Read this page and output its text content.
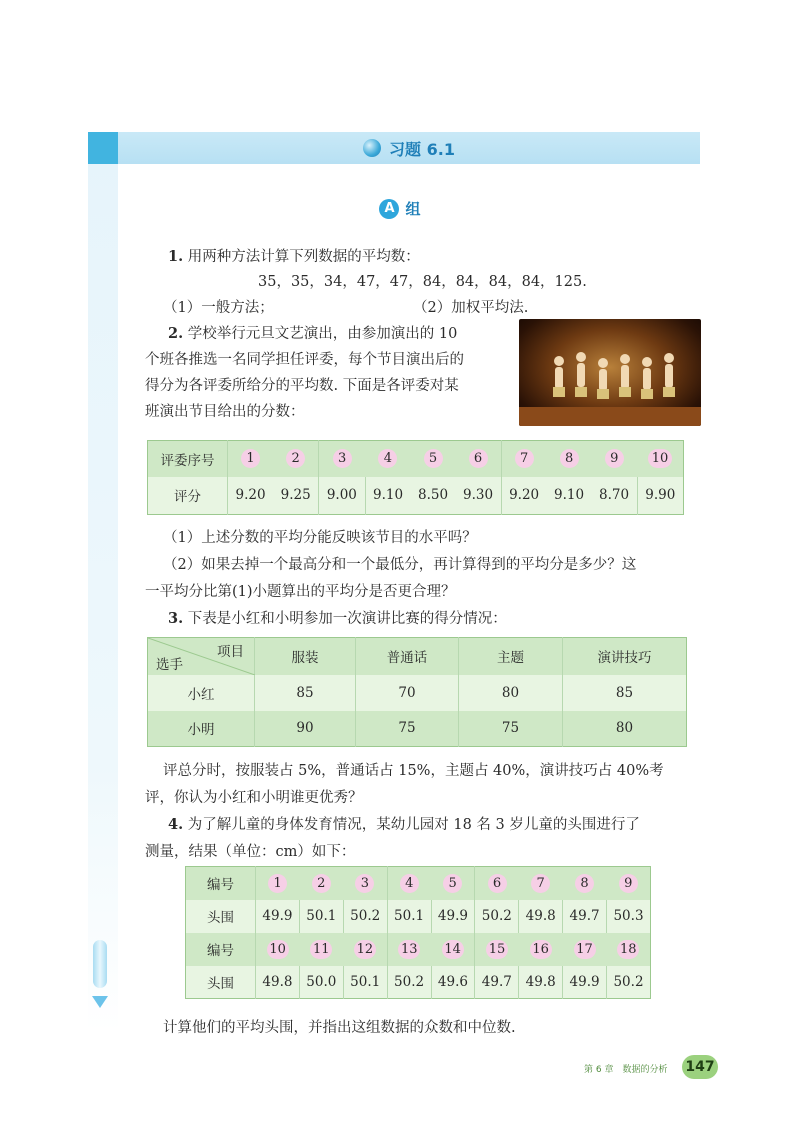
习题 6.1
A 组
1. 用两种方法计算下列数据的平均数：
35，35，34，47，47，84，84，84，84，125.
（1）一般方法；	（2）加权平均法.
2. 学校举行元旦文艺演出，由参加演出的 10
个班各推选一名同学担任评委，每个节目演出后的
得分为各评委所给分的平均数. 下面是各评委对某
班演出节目给出的分数：
评委序号	1	2	3	4	5	6	7	8	9	10
评分	9.20	9.25	9.00	9.10	8.50	9.30	9.20	9.10	8.70	9.90
（1）上述分数的平均分能反映该节目的水平吗？
（2）如果去掉一个最高分和一个最低分，再计算得到的平均分是多少？这
一平均分比第(1)小题算出的平均分是否更合理？
3. 下表是小红和小明参加一次演讲比赛的得分情况：
项目
选手	服装	普通话	主题	演讲技巧
小红	85	70	80	85
小明	90	75	75	80
评总分时，按服装占 5%，普通话占 15%，主题占 40%，演讲技巧占 40%考
评，你认为小红和小明谁更优秀？
4. 为了解儿童的身体发育情况，某幼儿园对 18 名 3 岁儿童的头围进行了
测量，结果（单位：cm）如下：
编号	1	2	3	4	5	6	7	8	9
头围	49.9	50.1	50.2	50.1	49.9	50.2	49.8	49.7	50.3
编号	10	11	12	13	14	15	16	17	18
头围	49.8	50.0	50.1	50.2	49.6	49.7	49.8	49.9	50.2
计算他们的平均头围，并指出这组数据的众数和中位数.
第 6 章　数据的分析 147
